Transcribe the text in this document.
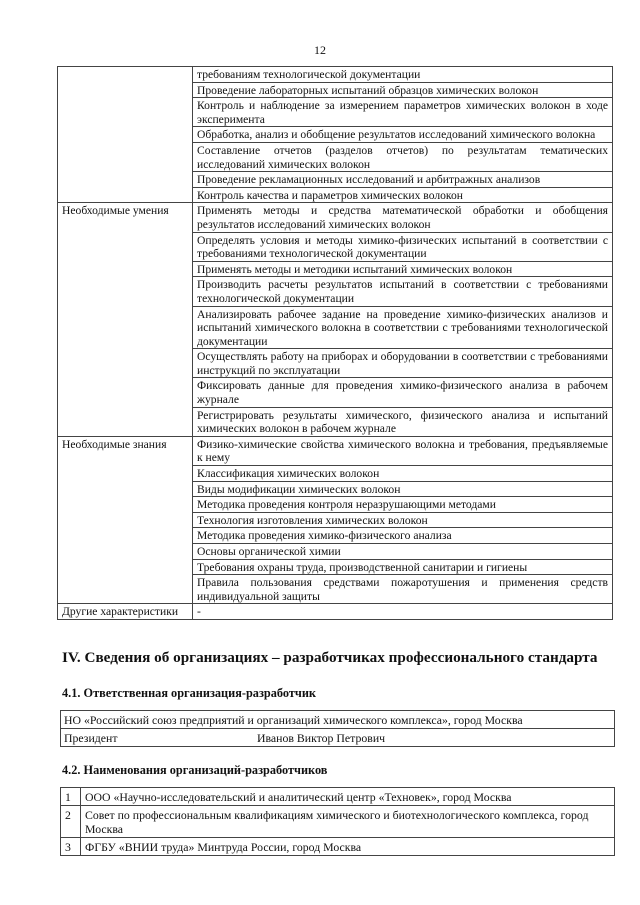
12
	требованиям технологической документации
	Проведение лабораторных испытаний образцов химических волокон
	Контроль и наблюдение за измерением параметров химических волокон в ходе эксперимента
	Обработка, анализ и обобщение результатов исследований химического волокна
	Составление отчетов (разделов отчетов) по результатам тематических исследований химических волокон
	Проведение рекламационных исследований и арбитражных анализов
	Контроль качества и параметров химических волокон
Необходимые умения	Применять методы и средства математической обработки и обобщения результатов исследований химических волокон
	Определять условия и методы химико-физических испытаний в соответствии с требованиями технологической документации
	Применять методы и методики испытаний химических волокон
	Производить расчеты результатов испытаний в соответствии с требованиями технологической документации
	Анализировать рабочее задание на проведение химико-физических анализов и испытаний химического волокна в соответствии с требованиями технологической документации
	Осуществлять работу на приборах и оборудовании в соответствии с требованиями инструкций по эксплуатации
	Фиксировать данные для проведения химико-физического анализа в рабочем журнале
	Регистрировать результаты химического, физического анализа и испытаний химических волокон в рабочем журнале
Необходимые знания	Физико-химические свойства химического волокна и требования, предъявляемые к нему
	Классификация химических волокон
	Виды модификации химических волокон
	Методика проведения контроля неразрушающими методами
	Технология изготовления химических волокон
	Методика проведения химико-физического анализа
	Основы органической химии
	Требования охраны труда, производственной санитарии и гигиены
	Правила пользования средствами пожаротушения и применения средств индивидуальной защиты
Другие характеристики	-
IV. Сведения об организациях – разработчиках профессионального стандарта
4.1. Ответственная организация-разработчик
НО «Российский союз предприятий и организаций химического комплекса», город Москва

Президент	Иванов Виктор Петрович
4.2. Наименования организаций-разработчиков
1	ООО «Научно-исследовательский и аналитический центр «Техновек», город Москва
2	Совет по профессиональным квалификациям химического и биотехнологического комплекса, город Москва
3	ФГБУ «ВНИИ труда» Минтруда России, город Москва
